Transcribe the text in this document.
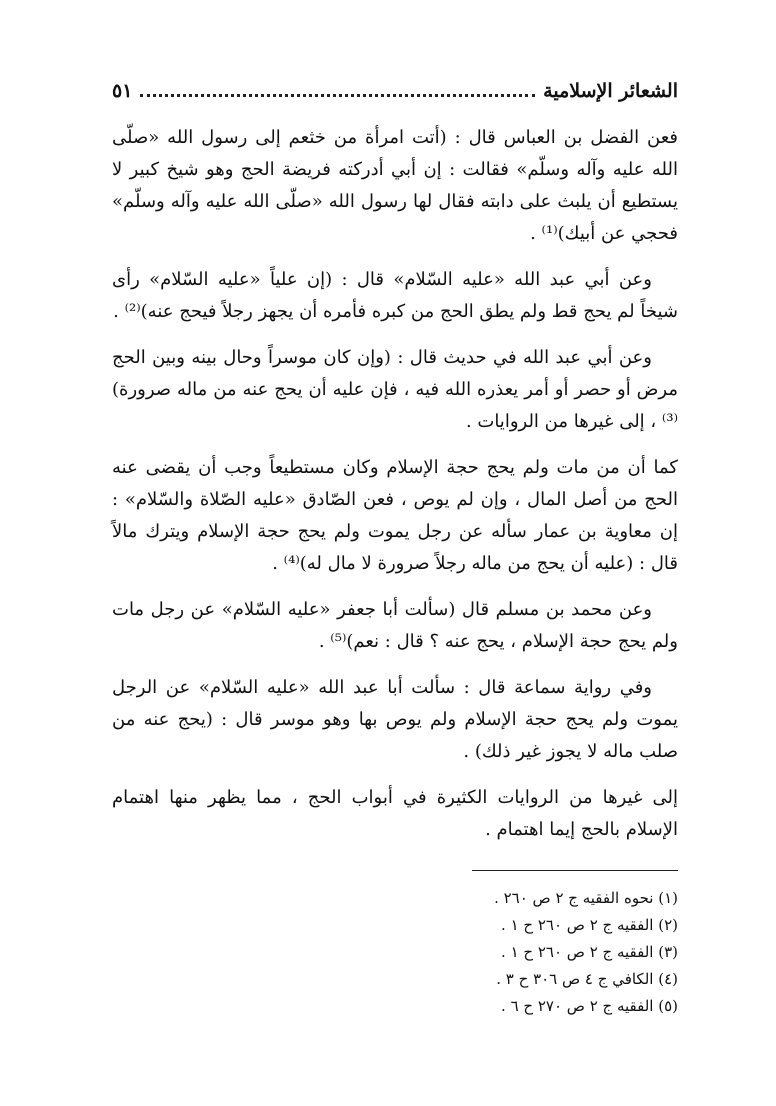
الشعائر الإسلامية
٥١

فعن الفضل بن العباس قال : (أتت امرأة من خثعم إلى رسول الله «صلّى الله عليه وآله وسلّم» فقالت : إن أبي أدركته فريضة الحج وهو شيخ كبير لا يستطيع أن يلبث على دابته فقال لها رسول الله «صلّى الله عليه وآله وسلّم» فحجي عن أبيك)⁽¹⁾ .

وعن أبي عبد الله «عليه السّلام» قال : (إن علياً «عليه السّلام» رأى شيخاً لم يحج قط ولم يطق الحج من كبره فأمره أن يجهز رجلاً فيحج عنه)⁽²⁾ .

وعن أبي عبد الله في حديث قال : (وإن كان موسراً وحال بينه وبين الحج مرض أو حصر أو أمر يعذره الله فيه ، فإن عليه أن يحج عنه من ماله صرورة)⁽³⁾ ، إلى غيرها من الروايات .

كما أن من مات ولم يحج حجة الإسلام وكان مستطيعاً وجب أن يقضى عنه الحج من أصل المال ، وإن لم يوص ، فعن الصّادق «عليه الصّلاة والسّلام» : إن معاوية بن عمار سأله عن رجل يموت ولم يحج حجة الإسلام ويترك مالاً قال : (عليه أن يحج من ماله رجلاً صرورة لا مال له)⁽⁴⁾ .

وعن محمد بن مسلم قال (سألت أبا جعفر «عليه السّلام» عن رجل مات ولم يحج حجة الإسلام ، يحج عنه ؟ قال : نعم)⁽⁵⁾ .

وفي رواية سماعة قال : سألت أبا عبد الله «عليه السّلام» عن الرجل يموت ولم يحج حجة الإسلام ولم يوص بها وهو موسر قال : (يحج عنه من صلب ماله لا يجوز غير ذلك) .

إلى غيرها من الروايات الكثيرة في أبواب الحج ، مما يظهر منها اهتمام الإسلام بالحج إيما اهتمام .

(١) نحوه الفقيه ج ٢ ص ٢٦٠ .
(٢) الفقيه ج ٢ ص ٢٦٠ ح ١ .
(٣) الفقيه ج ٢ ص ٢٦٠ ح ١ .
(٤) الكافي ج ٤ ص ٣٠٦ ح ٣ .
(٥) الفقيه ج ٢ ص ٢٧٠ ح ٦ .
